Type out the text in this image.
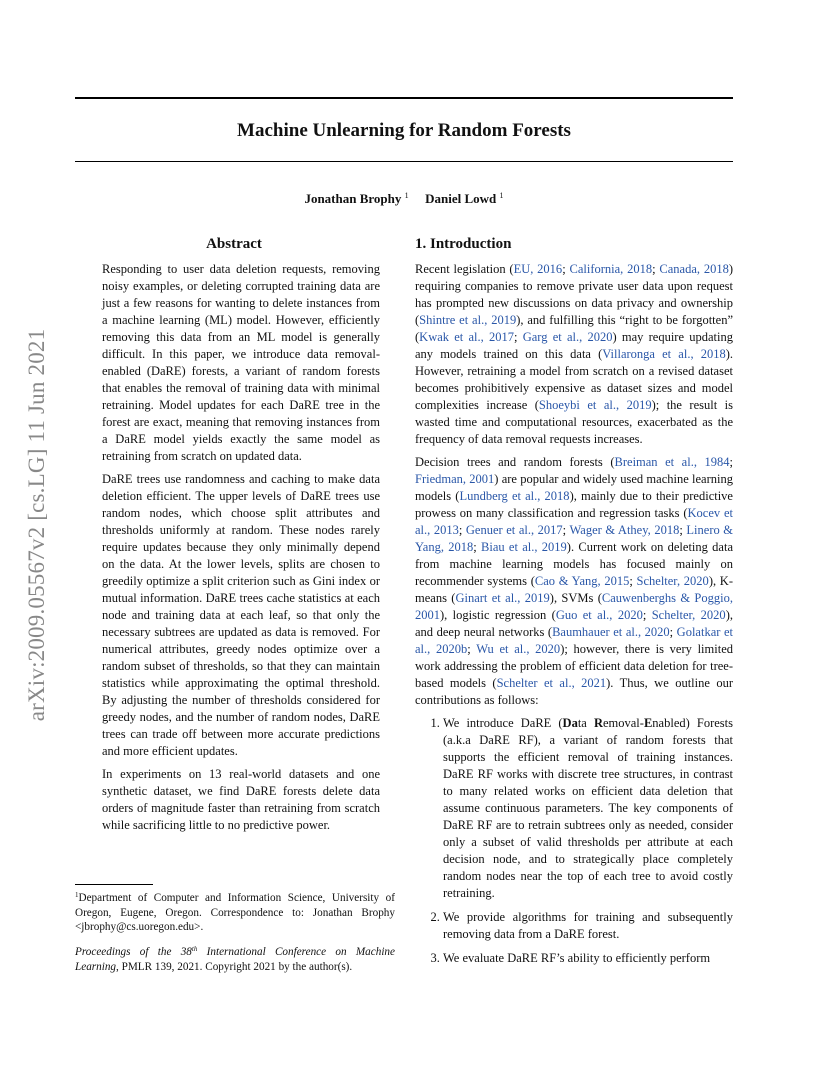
Machine Unlearning for Random Forests
Jonathan Brophy $^1$ Daniel Lowd $^1$
arXiv:2009.05567v2 [cs.LG] 11 Jun 2021
Abstract

Responding to user data deletion requests, removing noisy examples, or deleting corrupted training data are just a few reasons for wanting to delete instances from a machine learning (ML) model. However, efficiently removing this data from an ML model is generally difficult. In this paper, we introduce data removal-enabled (DaRE) forests, a variant of random forests that enables the removal of training data with minimal retraining. Model updates for each DaRE tree in the forest are exact, meaning that removing instances from a DaRE model yields exactly the same model as retraining from scratch on updated data.

DaRE trees use randomness and caching to make data deletion efficient. The upper levels of DaRE trees use random nodes, which choose split attributes and thresholds uniformly at random. These nodes rarely require updates because they only minimally depend on the data. At the lower levels, splits are chosen to greedily optimize a split criterion such as Gini index or mutual information. DaRE trees cache statistics at each node and training data at each leaf, so that only the necessary subtrees are updated as data is removed. For numerical attributes, greedy nodes optimize over a random subset of thresholds, so that they can maintain statistics while approximating the optimal threshold. By adjusting the number of thresholds considered for greedy nodes, and the number of random nodes, DaRE trees can trade off between more accurate predictions and more efficient updates.

In experiments on 13 real-world datasets and one synthetic dataset, we find DaRE forests delete data orders of magnitude faster than retraining from scratch while sacrificing little to no predictive power.

$^1$Department of Computer and Information Science, University of Oregon, Eugene, Oregon. Correspondence to: Jonathan Brophy <jbrophy@cs.uoregon.edu>.
Proceedings of the 38th International Conference on Machine Learning, PMLR 139, 2021. Copyright 2021 by the author(s).
1. Introduction

Recent legislation (EU, 2016; California, 2018; Canada, 2018) requiring companies to remove private user data upon request has prompted new discussions on data privacy and ownership (Shintre et al., 2019), and fulfilling this “right to be forgotten” (Kwak et al., 2017; Garg et al., 2020) may require updating any models trained on this data (Villaronga et al., 2018). However, retraining a model from scratch on a revised dataset becomes prohibitively expensive as dataset sizes and model complexities increase (Shoeybi et al., 2019); the result is wasted time and computational resources, exacerbated as the frequency of data removal requests increases.

Decision trees and random forests (Breiman et al., 1984; Friedman, 2001) are popular and widely used machine learning models (Lundberg et al., 2018), mainly due to their predictive prowess on many classification and regression tasks (Kocev et al., 2013; Genuer et al., 2017; Wager & Athey, 2018; Linero & Yang, 2018; Biau et al., 2019). Current work on deleting data from machine learning models has focused mainly on recommender systems (Cao & Yang, 2015; Schelter, 2020), K-means (Ginart et al., 2019), SVMs (Cauwenberghs & Poggio, 2001), logistic regression (Guo et al., 2020; Schelter, 2020), and deep neural networks (Baumhauer et al., 2020; Golatkar et al., 2020b; Wu et al., 2020); however, there is very limited work addressing the problem of efficient data deletion for tree-based models (Schelter et al., 2021). Thus, we outline our contributions as follows:

1. We introduce DaRE (Data Removal-Enabled) Forests (a.k.a DaRE RF), a variant of random forests that supports the efficient removal of training instances. DaRE RF works with discrete tree structures, in contrast to many related works on efficient data deletion that assume continuous parameters. The key components of DaRE RF are to retrain subtrees only as needed, consider only a subset of valid thresholds per attribute at each decision node, and to strategically place completely random nodes near the top of each tree to avoid costly retraining.
2. We provide algorithms for training and subsequently removing data from a DaRE forest.
3. We evaluate DaRE RF’s ability to efficiently perform
